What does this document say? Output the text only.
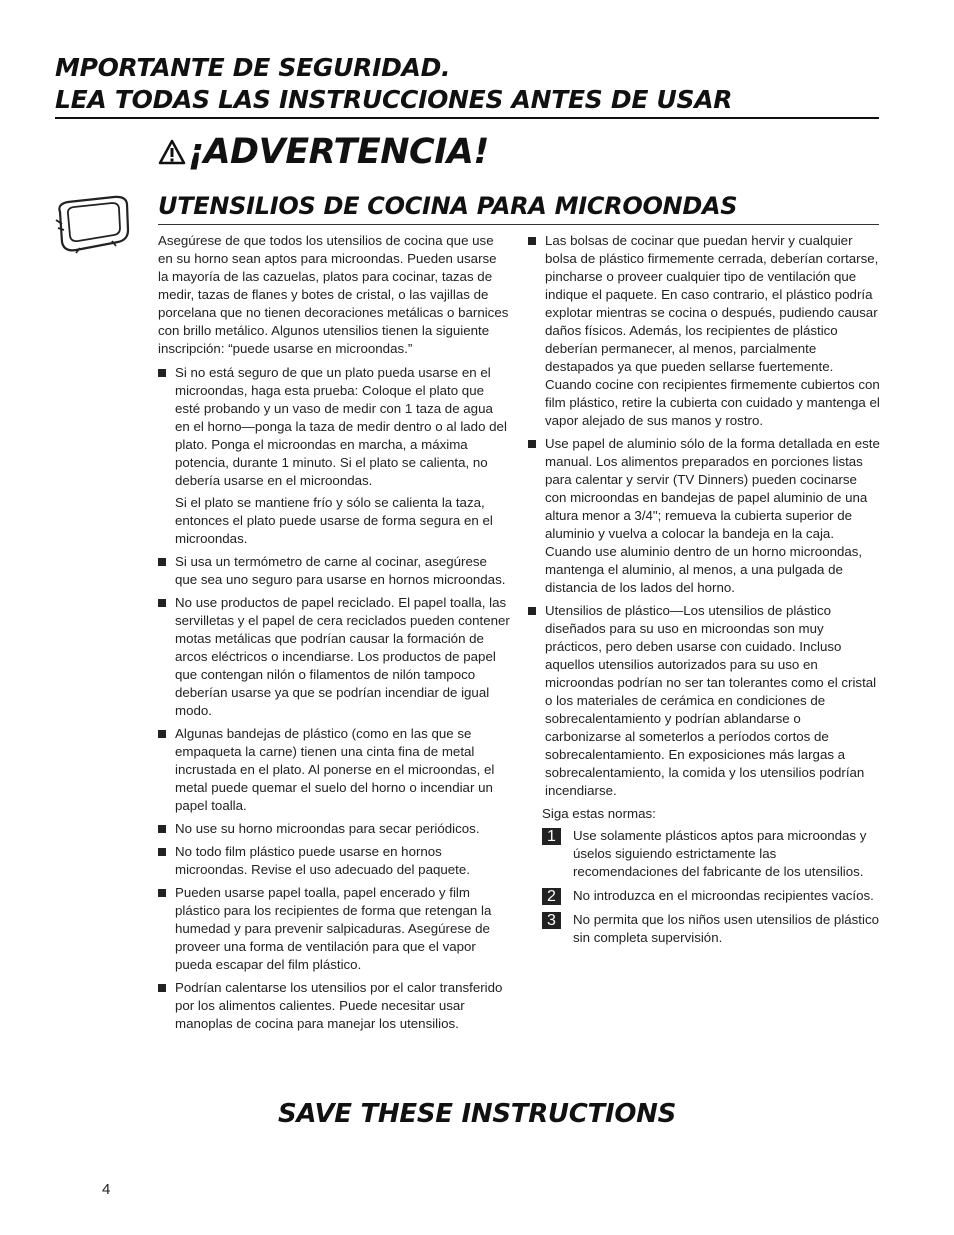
MPORTANTE DE SEGURIDAD.
LEA TODAS LAS INSTRUCCIONES ANTES DE USAR
¡ADVERTENCIA!
UTENSILIOS DE COCINA PARA MICROONDAS

Asegúrese de que todos los utensilios de cocina que use en su horno sean aptos para microondas. Pueden usarse la mayoría de las cazuelas, platos para cocinar, tazas de medir, tazas de flanes y botes de cristal, o las vajillas de porcelana que no tienen decoraciones metálicas o barnices con brillo metálico. Algunos utensilios tienen la siguiente inscripción: “puede usarse en microondas.”

Si no está seguro de que un plato pueda usarse en el microondas, haga esta prueba: Coloque el plato que esté probando y un vaso de medir con 1 taza de agua en el horno—ponga la taza de medir dentro o al lado del plato. Ponga el microondas en marcha, a máxima potencia, durante 1 minuto. Si el plato se calienta, no debería usarse en el microondas.
Si el plato se mantiene frío y sólo se calienta la taza, entonces el plato puede usarse de forma segura en el microondas.
Si usa un termómetro de carne al cocinar, asegúrese que sea uno seguro para usarse en hornos microondas.
No use productos de papel reciclado. El papel toalla, las servilletas y el papel de cera reciclados pueden contener motas metálicas que podrían causar la formación de arcos eléctricos o incendiarse. Los productos de papel que contengan nilón o filamentos de nilón tampoco deberían usarse ya que se podrían incendiar de igual modo.
Algunas bandejas de plástico (como en las que se empaqueta la carne) tienen una cinta fina de metal incrustada en el plato. Al ponerse en el microondas, el metal puede quemar el suelo del horno o incendiar un papel toalla.
No use su horno microondas para secar periódicos.
No todo film plástico puede usarse en hornos microondas. Revise el uso adecuado del paquete.
Pueden usarse papel toalla, papel encerado y film plástico para los recipientes de forma que retengan la humedad y para prevenir salpicaduras. Asegúrese de proveer una forma de ventilación para que el vapor pueda escapar del film plástico.
Podrían calentarse los utensilios por el calor transferido por los alimentos calientes. Puede necesitar usar manoplas de cocina para manejar los utensilios.
Las bolsas de cocinar que puedan hervir y cualquier bolsa de plástico firmemente cerrada, deberían cortarse, pincharse o proveer cualquier tipo de ventilación que indique el paquete. En caso contrario, el plástico podría explotar mientras se cocina o después, pudiendo causar daños físicos. Además, los recipientes de plástico deberían permanecer, al menos, parcialmente destapados ya que pueden sellarse fuertemente. Cuando cocine con recipientes firmemente cubiertos con film plástico, retire la cubierta con cuidado y mantenga el vapor alejado de sus manos y rostro.
Use papel de aluminio sólo de la forma detallada en este manual. Los alimentos preparados en porciones listas para calentar y servir (TV Dinners) pueden cocinarse con microondas en bandejas de papel aluminio de una altura menor a 3/4"; remueva la cubierta superior de aluminio y vuelva a colocar la bandeja en la caja. Cuando use aluminio dentro de un horno microondas, mantenga el aluminio, al menos, a una pulgada de distancia de los lados del horno.
Utensilios de plástico—Los utensilios de plástico diseñados para su uso en microondas son muy prácticos, pero deben usarse con cuidado. Incluso aquellos utensilios autorizados para su uso en microondas podrían no ser tan tolerantes como el cristal o los materiales de cerámica en condiciones de sobrecalentamiento y podrían ablandarse o carbonizarse al someterlos a períodos cortos de sobrecalentamiento. En exposiciones más largas a sobrecalentamiento, la comida y los utensilios podrían incendiarse.

Siga estas normas:

1	Use solamente plásticos aptos para microondas y úselos siguiendo estrictamente las recomendaciones del fabricante de los utensilios.
2	No introduzca en el microondas recipientes vacíos.
3	No permita que los niños usen utensilios de plástico sin completa supervisión.
SAVE THESE INSTRUCTIONS
4
